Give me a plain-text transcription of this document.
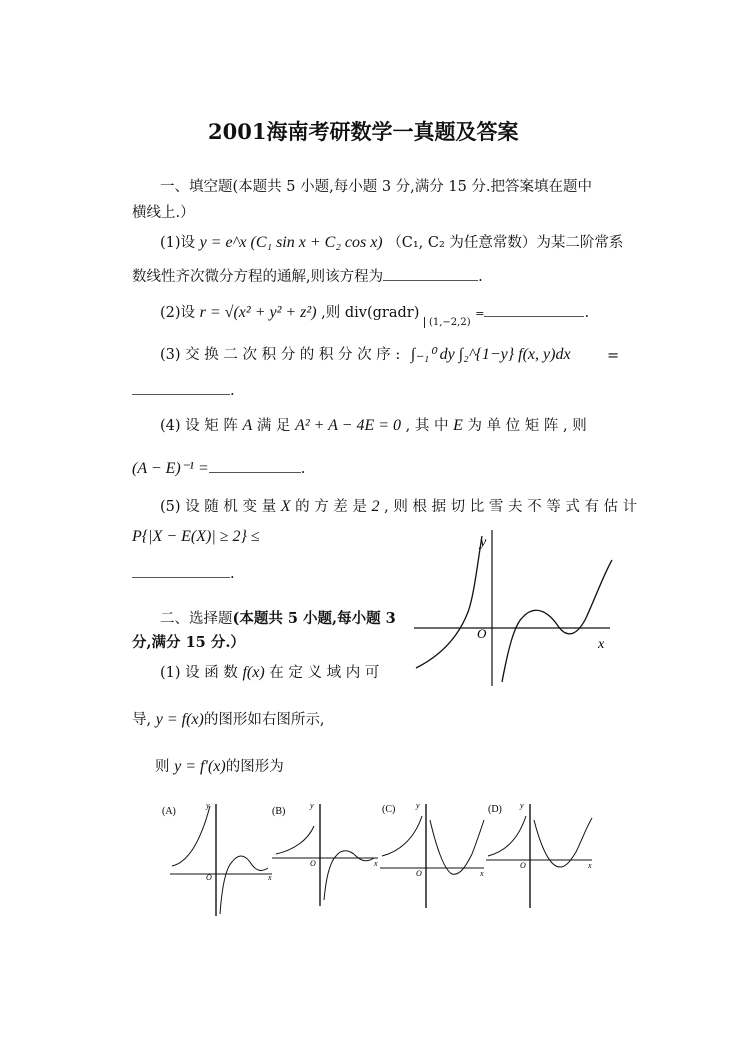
2001海南考研数学一真题及答案
一、填空题(本题共 5 小题,每小题 3 分,满分 15 分.把答案填在题中
横线上.）
(1)设 y = e^x (C₁ sin x + C₂ cos x) （C₁, C₂ 为任意常数）为某二阶常系
数线性齐次微分方程的通解,则该方程为	.
(2)设 r = √(x² + y² + z²) ,则 div(gradr) $_{(1,-2,2)}$ =	.
(3) 交 换 二 次 积 分 的 积 分 次 序 : ∫₋₁⁰ dy ∫₂^{1−y} f(x, y)dx	=
.
(4) 设 矩 阵 A 满 足 A² + A − 4E = 0 , 其 中 E 为 单 位 矩 阵 , 则
(A − E)⁻¹ =	.
(5) 设 随 机 变 量 X 的 方 差 是 2 , 则 根 据 切 比 雪 夫 不 等 式 有 估 计
P{|X − E(X)| ≥ 2} ≤
.
二、选择题(本题共 5 小题,每小题 3
分,满分 15 分.）
(1) 设 函 数 f(x) 在 定 义 域 内 可
导, y = f(x)的图形如右图所示,
则 y = f′(x)的图形为
y
x
O
(A)
y
x
O
(B)
y
x
O
(C)	y
x
O
(D) y
x
O
